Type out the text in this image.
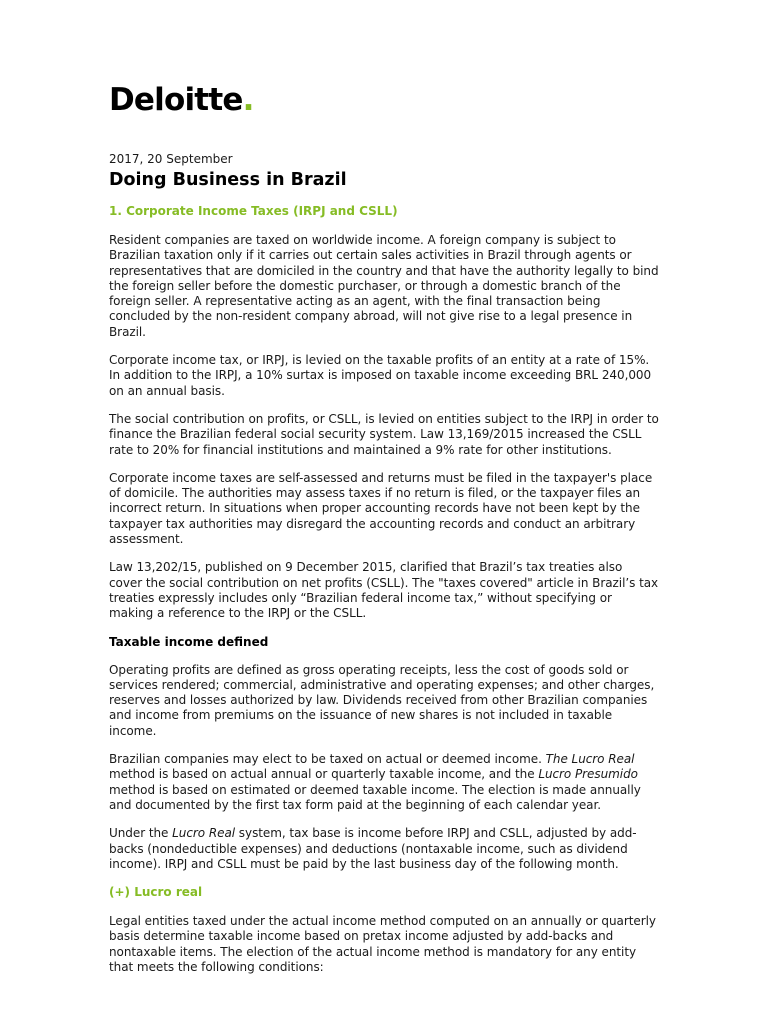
Deloitte.
2017, 20 September
Doing Business in Brazil
1. Corporate Income Taxes (IRPJ and CSLL)

Resident companies are taxed on worldwide income. A foreign company is subject to Brazilian taxation only if it carries out certain sales activities in Brazil through agents or representatives that are domiciled in the country and that have the authority legally to bind the foreign seller before the domestic purchaser, or through a domestic branch of the foreign seller. A representative acting as an agent, with the final transaction being concluded by the non-resident company abroad, will not give rise to a legal presence in Brazil.

Corporate income tax, or IRPJ, is levied on the taxable profits of an entity at a rate of 15%. In addition to the IRPJ, a 10% surtax is imposed on taxable income exceeding BRL 240,000 on an annual basis.

The social contribution on profits, or CSLL, is levied on entities subject to the IRPJ in order to finance the Brazilian federal social security system. Law 13,169/2015 increased the CSLL rate to 20% for financial institutions and maintained a 9% rate for other institutions.

Corporate income taxes are self-assessed and returns must be filed in the taxpayer's place of domicile. The authorities may assess taxes if no return is filed, or the taxpayer files an incorrect return. In situations when proper accounting records have not been kept by the taxpayer tax authorities may disregard the accounting records and conduct an arbitrary assessment.

Law 13,202/15, published on 9 December 2015, clarified that Brazil’s tax treaties also cover the social contribution on net profits (CSLL). The "taxes covered" article in Brazil’s tax treaties expressly includes only “Brazilian federal income tax,” without specifying or making a reference to the IRPJ or the CSLL.

Taxable income defined

Operating profits are defined as gross operating receipts, less the cost of goods sold or services rendered; commercial, administrative and operating expenses; and other charges, reserves and losses authorized by law. Dividends received from other Brazilian companies and income from premiums on the issuance of new shares is not included in taxable income.

Brazilian companies may elect to be taxed on actual or deemed income. The Lucro Real method is based on actual annual or quarterly taxable income, and the Lucro Presumido method is based on estimated or deemed taxable income. The election is made annually and documented by the first tax form paid at the beginning of each calendar year.

Under the Lucro Real system, tax base is income before IRPJ and CSLL, adjusted by add-backs (nondeductible expenses) and deductions (nontaxable income, such as dividend income). IRPJ and CSLL must be paid by the last business day of the following month.

(+) Lucro real

Legal entities taxed under the actual income method computed on an annually or quarterly basis determine taxable income based on pretax income adjusted by add-backs and nontaxable items. The election of the actual income method is mandatory for any entity that meets the following conditions:
